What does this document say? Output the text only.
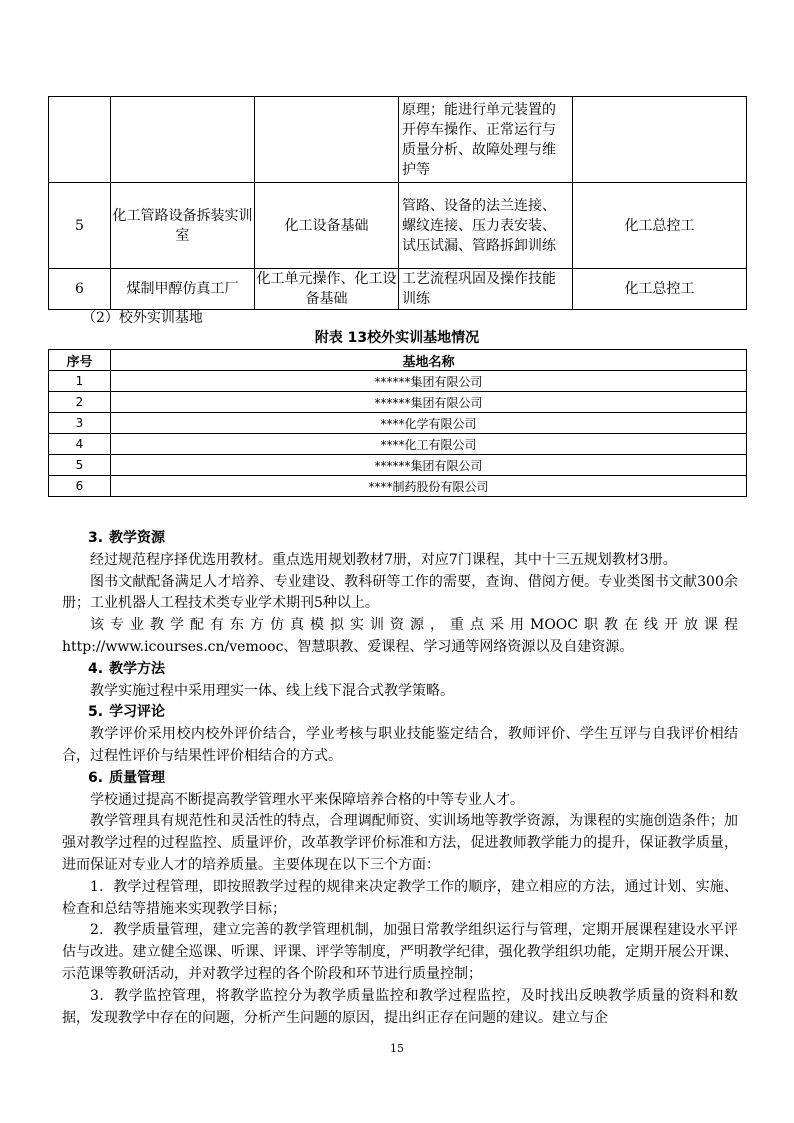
			原理；能进行单元装置的开停车操作、正常运行与质量分析、故障处理与维护等	
5	化工管路设备拆装实训室	化工设备基础	管路、设备的法兰连接、螺纹连接、压力表安装、试压试漏、管路拆卸训练	化工总控工
6	煤制甲醇仿真工厂	化工单元操作、化工设备基础	工艺流程巩固及操作技能训练	化工总控工
（2）校外实训基地
附表 13校外实训基地情况
序号	基地名称
1	******集团有限公司
2	******集团有限公司
3	****化学有限公司
4	****化工有限公司
5	******集团有限公司
6	****制药股份有限公司
3. 教学资源

经过规范程序择优选用教材。重点选用规划教材7册，对应7门课程，其中十三五规划教材3册。

图书文献配备满足人才培养、专业建设、教科研等工作的需要，查询、借阅方便。专业类图书文献300余册；工业机器人工程技术类专业学术期刊5种以上。

该专业教学配有东方仿真模拟实训资源，重点采用MOOC职教在线开放课程http://www.icourses.cn/vemooc、智慧职教、爱课程、学习通等网络资源以及自建资源。

4. 教学方法

教学实施过程中采用理实一体、线上线下混合式教学策略。

5. 学习评论

教学评价采用校内校外评价结合，学业考核与职业技能鉴定结合，教师评价、学生互评与自我评价相结合，过程性评价与结果性评价相结合的方式。

6. 质量管理

学校通过提高不断提高教学管理水平来保障培养合格的中等专业人才。

教学管理具有规范性和灵活性的特点，合理调配师资、实训场地等教学资源，为课程的实施创造条件；加强对教学过程的过程监控、质量评价，改革教学评价标准和方法，促进教师教学能力的提升，保证教学质量，进而保证对专业人才的培养质量。主要体现在以下三个方面：

1．教学过程管理，即按照教学过程的规律来决定教学工作的顺序，建立相应的方法，通过计划、实施、检查和总结等措施来实现教学目标；

2．教学质量管理，建立完善的教学管理机制，加强日常教学组织运行与管理，定期开展课程建设水平评估与改进。建立健全巡课、听课、评课、评学等制度，严明教学纪律，强化教学组织功能，定期开展公开课、示范课等教研活动，并对教学过程的各个阶段和环节进行质量控制；

3．教学监控管理，将教学监控分为教学质量监控和教学过程监控，及时找出反映教学质量的资料和数据，发现教学中存在的问题，分析产生问题的原因，提出纠正存在问题的建议。建立与企

15
